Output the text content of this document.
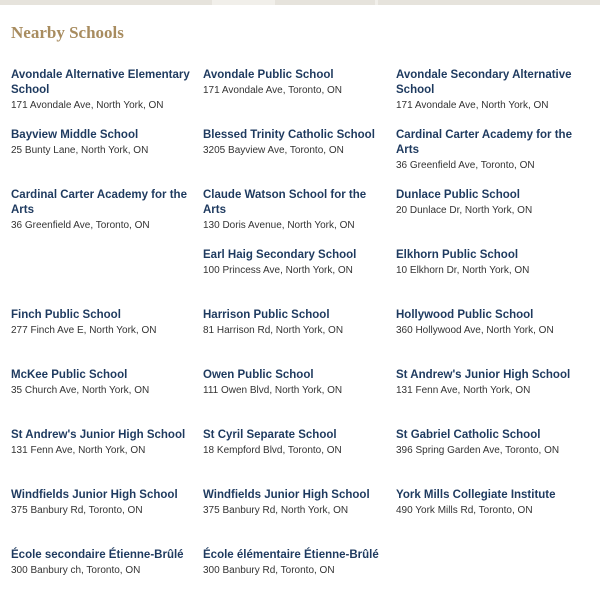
Nearby Schools
Avondale Alternative Elementary School
171 Avondale Ave, North York, ON
Avondale Public School
171 Avondale Ave, Toronto, ON
Avondale Secondary Alternative School
171 Avondale Ave, North York, ON
Bayview Middle School
25 Bunty Lane, North York, ON
Blessed Trinity Catholic School
3205 Bayview Ave, Toronto, ON
Cardinal Carter Academy for the Arts
36 Greenfield Ave, Toronto, ON
Cardinal Carter Academy for the Arts
36 Greenfield Ave, Toronto, ON
Claude Watson School for the Arts
130 Doris Avenue, North York, ON
Dunlace Public School
20 Dunlace Dr, North York, ON
Earl Haig Secondary School
100 Princess Ave, North York, ON
Elkhorn Public School
10 Elkhorn Dr, North York, ON
Finch Public School
277 Finch Ave E, North York, ON
Harrison Public School
81 Harrison Rd, North York, ON
Hollywood Public School
360 Hollywood Ave, North York, ON
McKee Public School
35 Church Ave, North York, ON
Owen Public School
111 Owen Blvd, North York, ON
St Andrew's Junior High School
131 Fenn Ave, North York, ON
St Andrew's Junior High School
131 Fenn Ave, North York, ON
St Cyril Separate School
18 Kempford Blvd, Toronto, ON
St Gabriel Catholic School
396 Spring Garden Ave, Toronto, ON
Windfields Junior High School
375 Banbury Rd, Toronto, ON
Windfields Junior High School
375 Banbury Rd, North York, ON
York Mills Collegiate Institute
490 York Mills Rd, Toronto, ON
École secondaire Étienne-Brûlé
300 Banbury ch, Toronto, ON
École élémentaire Étienne-Brûlé
300 Banbury Rd, Toronto, ON
